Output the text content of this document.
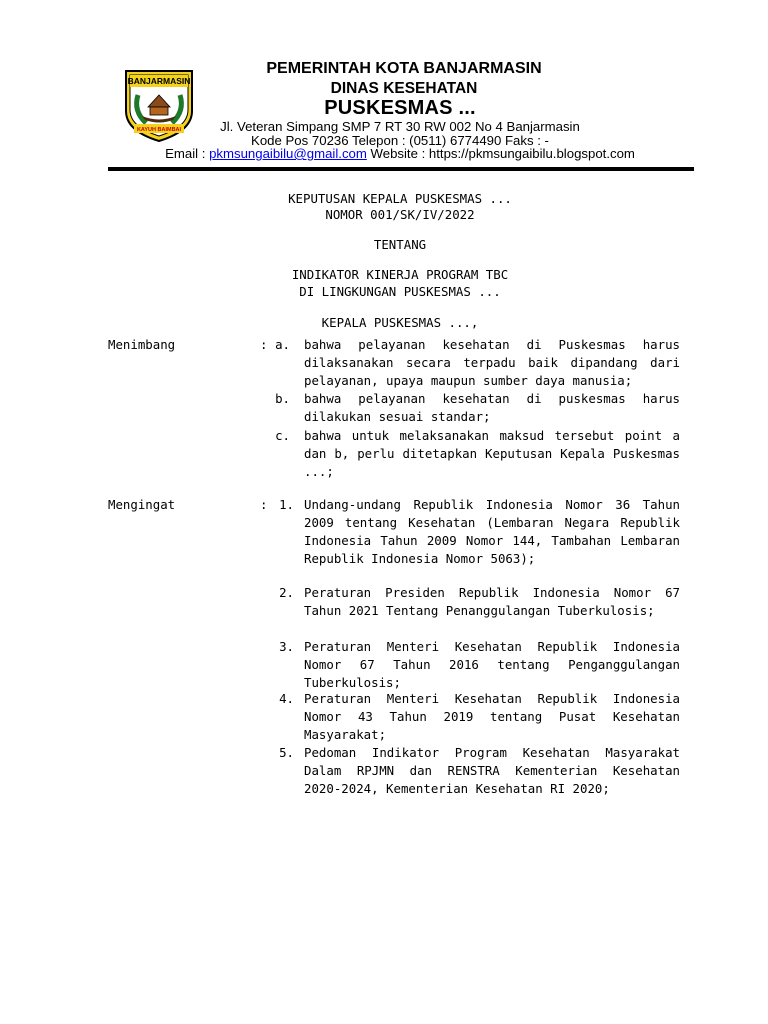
BANJARMASIN
KAYUH BAIMBAI
PEMERINTAH KOTA BANJARMASIN
DINAS KESEHATAN
PUSKESMAS ...
Jl. Veteran Simpang SMP 7 RT 30 RW 002 No 4 Banjarmasin
Kode Pos 70236 Telepon : (0511) 6774490 Faks : -
Email : pkmsungaibilu@gmail.com Website : https://pkmsungaibilu.blogspot.com
KEPUTUSAN KEPALA PUSKESMAS ...
NOMOR 001/SK/IV/2022
TENTANG
INDIKATOR KINERJA PROGRAM TBC
DI LINGKUNGAN PUSKESMAS ...
KEPALA PUSKESMAS ...,
Menimbang	: a. bahwa pelayanan kesehatan di Puskesmas harus dilaksanakan secara terpadu baik dipandang dari pelayanan, upaya maupun sumber daya manusia;
b. bahwa pelayanan kesehatan di puskesmas harus dilakukan sesuai standar;
c. bahwa untuk melaksanakan maksud tersebut point a dan b, perlu ditetapkan Keputusan Kepala Puskesmas ...;
Mengingat	: 1. Undang-undang Republik Indonesia Nomor 36 Tahun 2009 tentang Kesehatan (Lembaran Negara Republik Indonesia Tahun 2009 Nomor 144, Tambahan Lembaran Republik Indonesia Nomor 5063);
2. Peraturan Presiden Republik Indonesia Nomor 67 Tahun 2021 Tentang Penanggulangan Tuberkulosis;
3. Peraturan Menteri Kesehatan Republik Indonesia Nomor 67 Tahun 2016 tentang Penganggulangan Tuberkulosis;
4. Peraturan Menteri Kesehatan Republik Indonesia Nomor 43 Tahun 2019 tentang Pusat Kesehatan Masyarakat;
5. Pedoman Indikator Program Kesehatan Masyarakat Dalam RPJMN dan RENSTRA Kementerian Kesehatan 2020-2024, Kementerian Kesehatan RI 2020;
